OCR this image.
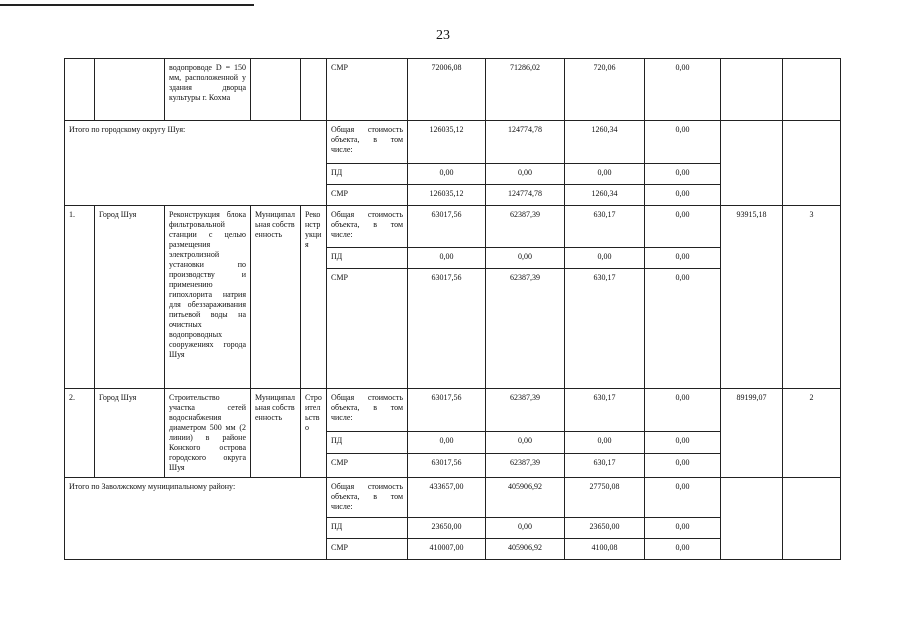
23
		водопроводе D = 150 мм, расположенной у здания дворца культуры г. Кохма			СМР	72006,08	71286,02	720,06	0,00		
Итого по городскому округу Шуя:					Общая стоимость объекта, в том числе:	126035,12	124774,78	1260,34	0,00		
					ПД	0,00	0,00	0,00	0,00		
					СМР	126035,12	124774,78	1260,34	0,00		
1.	Город Шуя	Реконструкция блока фильтровальной станции с целью размещения электролизной установки по производству и применению гипохлорита натрия для обеззараживания питьевой воды на очистных водопроводных сооружениях города Шуя	Муниципальная собственность	Реконструкция	Общая стоимость объекта, в том числе:	63017,56	62387,39	630,17	0,00	93915,18	3
					ПД	0,00	0,00	0,00	0,00		
					СМР	63017,56	62387,39	630,17	0,00		
2.	Город Шуя	Строительство участка сетей водоснабжения диаметром 500 мм (2 линии) в районе Конского острова городского округа Шуя	Муниципальная собственность	Строительство	Общая стоимость объекта, в том числе:	63017,56	62387,39	630,17	0,00	89199,07	2
					ПД	0,00	0,00	0,00	0,00		
					СМР	63017,56	62387,39	630,17	0,00		
Итого по Заволжскому муниципальному району:					Общая стоимость объекта, в том числе:	433657,00	405906,92	27750,08	0,00		
					ПД	23650,00	0,00	23650,00	0,00		
					СМР	410007,00	405906,92	4100,08	0,00		
